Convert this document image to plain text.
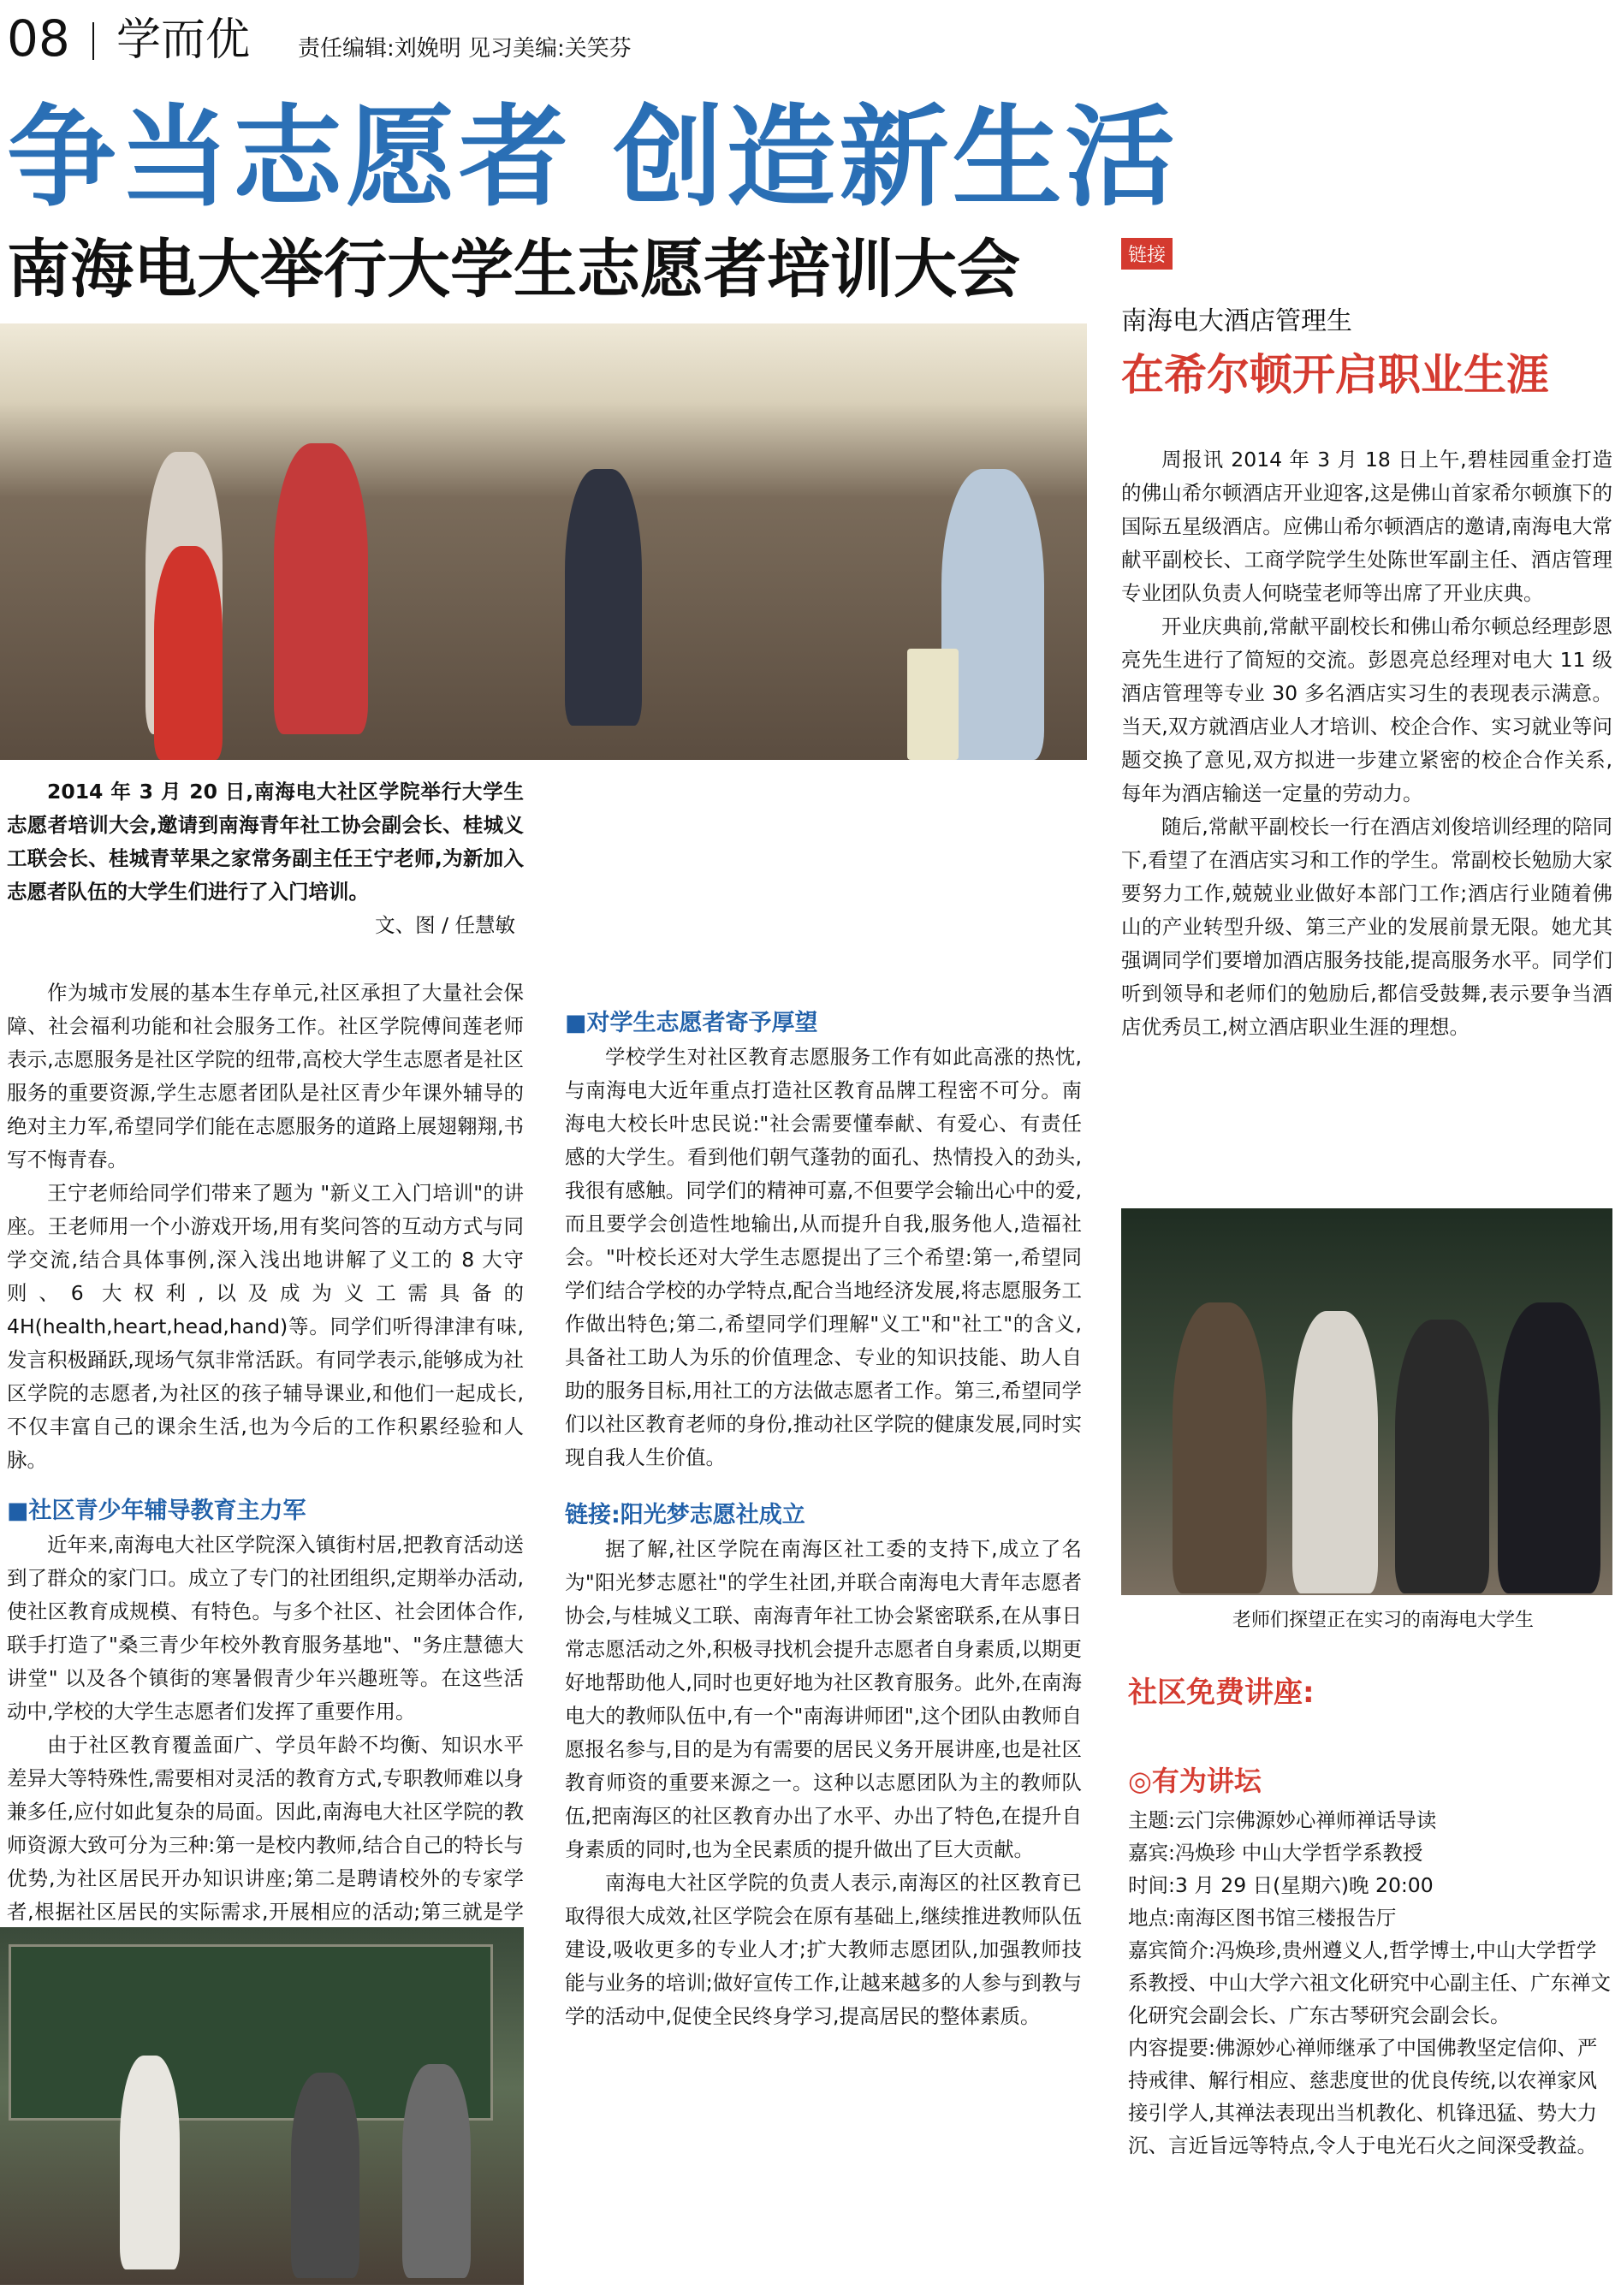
08 学而优 责任编辑:刘娩明 见习美编:关笑芬
争当志愿者 创造新生活
南海电大举行大学生志愿者培训大会

2014 年 3 月 20 日,南海电大社区学院举行大学生志愿者培训大会,邀请到南海青年社工协会副会长、桂城义工联会长、桂城青苹果之家常务副主任王宁老师,为新加入志愿者队伍的大学生们进行了入门培训。

文、图 / 任慧敏

作为城市发展的基本生存单元,社区承担了大量社会保障、社会福利功能和社会服务工作。社区学院傅间莲老师表示,志愿服务是社区学院的纽带,高校大学生志愿者是社区服务的重要资源,学生志愿者团队是社区青少年课外辅导的绝对主力军,希望同学们能在志愿服务的道路上展翅翱翔,书写不悔青春。

王宁老师给同学们带来了题为 "新义工入门培训"的讲座。王老师用一个小游戏开场,用有奖问答的互动方式与同学交流,结合具体事例,深入浅出地讲解了义工的 8 大守则、6 大权利,以及成为义工需具备的 4H(health,heart,head,hand)等。同学们听得津津有味,发言积极踊跃,现场气氛非常活跃。有同学表示,能够成为社区学院的志愿者,为社区的孩子辅导课业,和他们一起成长,不仅丰富自己的课余生活,也为今后的工作积累经验和人脉。

■社区青少年辅导教育主力军

近年来,南海电大社区学院深入镇街村居,把教育活动送到了群众的家门口。成立了专门的社团组织,定期举办活动,使社区教育成规模、有特色。与多个社区、社会团体合作,联手打造了"桑三青少年校外教育服务基地"、"务庄慧德大讲堂" 以及各个镇街的寒暑假青少年兴趣班等。在这些活动中,学校的大学生志愿者们发挥了重要作用。

由于社区教育覆盖面广、学员年龄不均衡、知识水平差异大等特殊性,需要相对灵活的教育方式,专职教师难以身兼多任,应付如此复杂的局面。因此,南海电大社区学院的教师资源大致可分为三种:第一是校内教师,结合自己的特长与优势,为社区居民开办知识讲座;第二是聘请校外的专家学者,根据社区居民的实际需求,开展相应的活动;第三就是学

■对学生志愿者寄予厚望

学校学生对社区教育志愿服务工作有如此高涨的热忱,与南海电大近年重点打造社区教育品牌工程密不可分。南海电大校长叶忠民说:"社会需要懂奉献、有爱心、有责任感的大学生。看到他们朝气蓬勃的面孔、热情投入的劲头,我很有感触。同学们的精神可嘉,不但要学会输出心中的爱,而且要学会创造性地输出,从而提升自我,服务他人,造福社会。"叶校长还对大学生志愿提出了三个希望:第一,希望同学们结合学校的办学特点,配合当地经济发展,将志愿服务工作做出特色;第二,希望同学们理解"义工"和"社工"的含义,具备社工助人为乐的价值理念、专业的知识技能、助人自助的服务目标,用社工的方法做志愿者工作。第三,希望同学们以社区教育老师的身份,推动社区学院的健康发展,同时实现自我人生价值。

链接:阳光梦志愿社成立

据了解,社区学院在南海区社工委的支持下,成立了名为"阳光梦志愿社"的学生社团,并联合南海电大青年志愿者协会,与桂城义工联、南海青年社工协会紧密联系,在从事日常志愿活动之外,积极寻找机会提升志愿者自身素质,以期更好地帮助他人,同时也更好地为社区教育服务。此外,在南海电大的教师队伍中,有一个"南海讲师团",这个团队由教师自愿报名参与,目的是为有需要的居民义务开展讲座,也是社区教育师资的重要来源之一。这种以志愿团队为主的教师队伍,把南海区的社区教育办出了水平、办出了特色,在提升自身素质的同时,也为全民素质的提升做出了巨大贡献。

南海电大社区学院的负责人表示,南海区的社区教育已取得很大成效,社区学院会在原有基础上,继续推进教师队伍建设,吸收更多的专业人才;扩大教师志愿团队,加强教师技能与业务的培训;做好宣传工作,让越来越多的人参与到教与学的活动中,促使全民终身学习,提高居民的整体素质。

链接
南海电大酒店管理生
在希尔顿开启职业生涯

周报讯 2014 年 3 月 18 日上午,碧桂园重金打造的佛山希尔顿酒店开业迎客,这是佛山首家希尔顿旗下的国际五星级酒店。应佛山希尔顿酒店的邀请,南海电大常献平副校长、工商学院学生处陈世军副主任、酒店管理专业团队负责人何晓莹老师等出席了开业庆典。

开业庆典前,常献平副校长和佛山希尔顿总经理彭恩亮先生进行了简短的交流。彭恩亮总经理对电大 11 级酒店管理等专业 30 多名酒店实习生的表现表示满意。当天,双方就酒店业人才培训、校企合作、实习就业等问题交换了意见,双方拟进一步建立紧密的校企合作关系,每年为酒店输送一定量的劳动力。

随后,常献平副校长一行在酒店刘俊培训经理的陪同下,看望了在酒店实习和工作的学生。常副校长勉励大家要努力工作,兢兢业业做好本部门工作;酒店行业随着佛山的产业转型升级、第三产业的发展前景无限。她尤其强调同学们要增加酒店服务技能,提高服务水平。同学们听到领导和老师们的勉励后,都信受鼓舞,表示要争当酒店优秀员工,树立酒店职业生涯的理想。

老师们探望正在实习的南海电大学生
社区免费讲座:
◎有为讲坛

主题:云门宗佛源妙心禅师禅话导读

嘉宾:冯焕珍 中山大学哲学系教授

时间:3 月 29 日(星期六)晚 20:00

地点:南海区图书馆三楼报告厅

嘉宾简介:冯焕珍,贵州遵义人,哲学博士,中山大学哲学系教授、中山大学六祖文化研究中心副主任、广东禅文化研究会副会长、广东古琴研究会副会长。

内容提要:佛源妙心禅师继承了中国佛教坚定信仰、严持戒律、解行相应、慈悲度世的优良传统,以农禅家风接引学人,其禅法表现出当机教化、机锋迅猛、势大力沉、言近旨远等特点,令人于电光石火之间深受教益。
